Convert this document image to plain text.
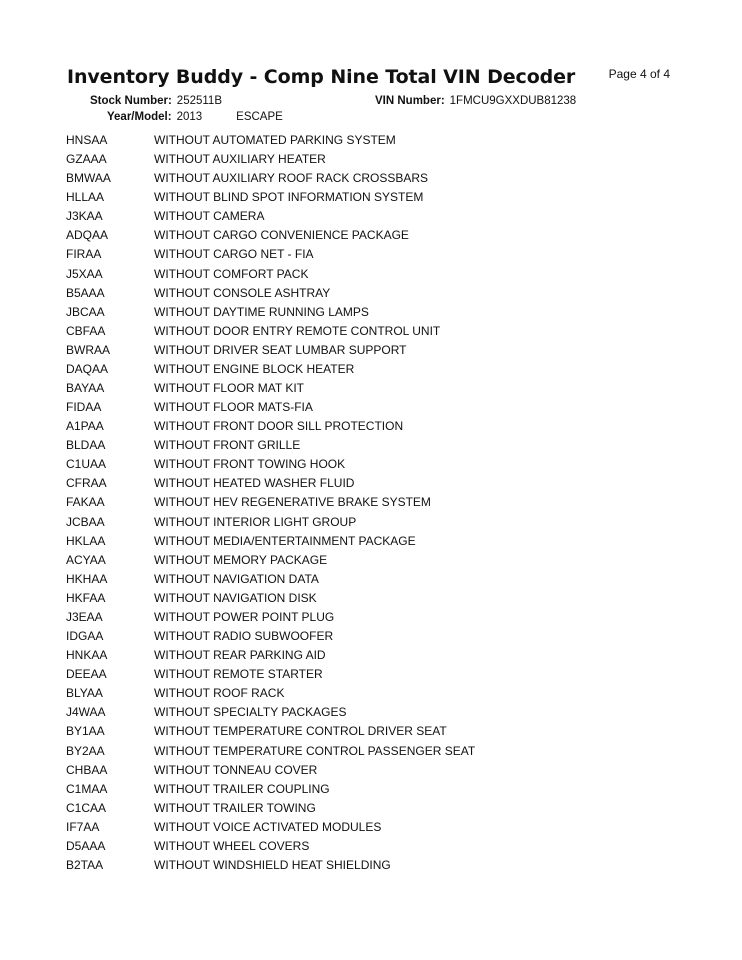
Inventory Buddy - Comp Nine Total VIN Decoder	Page 4 of 4
Stock Number: 252511B	VIN Number: 1FMCU9GXXDUB81238
Year/Model: 2013	ESCAPE
HNSAA	WITHOUT AUTOMATED PARKING SYSTEM
GZAAA	WITHOUT AUXILIARY HEATER
BMWAA	WITHOUT AUXILIARY ROOF RACK CROSSBARS
HLLAA	WITHOUT BLIND SPOT INFORMATION SYSTEM
J3KAA	WITHOUT CAMERA
ADQAA	WITHOUT CARGO CONVENIENCE PACKAGE
FIRAA	WITHOUT CARGO NET - FIA
J5XAA	WITHOUT COMFORT PACK
B5AAA	WITHOUT CONSOLE ASHTRAY
JBCAA	WITHOUT DAYTIME RUNNING LAMPS
CBFAA	WITHOUT DOOR ENTRY REMOTE CONTROL UNIT
BWRAA	WITHOUT DRIVER SEAT LUMBAR SUPPORT
DAQAA	WITHOUT ENGINE BLOCK HEATER
BAYAA	WITHOUT FLOOR MAT KIT
FIDAA	WITHOUT FLOOR MATS-FIA
A1PAA	WITHOUT FRONT DOOR SILL PROTECTION
BLDAA	WITHOUT FRONT GRILLE
C1UAA	WITHOUT FRONT TOWING HOOK
CFRAA	WITHOUT HEATED WASHER FLUID
FAKAA	WITHOUT HEV REGENERATIVE BRAKE SYSTEM
JCBAA	WITHOUT INTERIOR LIGHT GROUP
HKLAA	WITHOUT MEDIA/ENTERTAINMENT PACKAGE
ACYAA	WITHOUT MEMORY PACKAGE
HKHAA	WITHOUT NAVIGATION DATA
HKFAA	WITHOUT NAVIGATION DISK
J3EAA	WITHOUT POWER POINT PLUG
IDGAA	WITHOUT RADIO SUBWOOFER
HNKAA	WITHOUT REAR PARKING AID
DEEAA	WITHOUT REMOTE STARTER
BLYAA	WITHOUT ROOF RACK
J4WAA	WITHOUT SPECIALTY PACKAGES
BY1AA	WITHOUT TEMPERATURE CONTROL DRIVER SEAT
BY2AA	WITHOUT TEMPERATURE CONTROL PASSENGER SEAT
CHBAA	WITHOUT TONNEAU COVER
C1MAA	WITHOUT TRAILER COUPLING
C1CAA	WITHOUT TRAILER TOWING
IF7AA	WITHOUT VOICE ACTIVATED MODULES
D5AAA	WITHOUT WHEEL COVERS
B2TAA	WITHOUT WINDSHIELD HEAT SHIELDING
